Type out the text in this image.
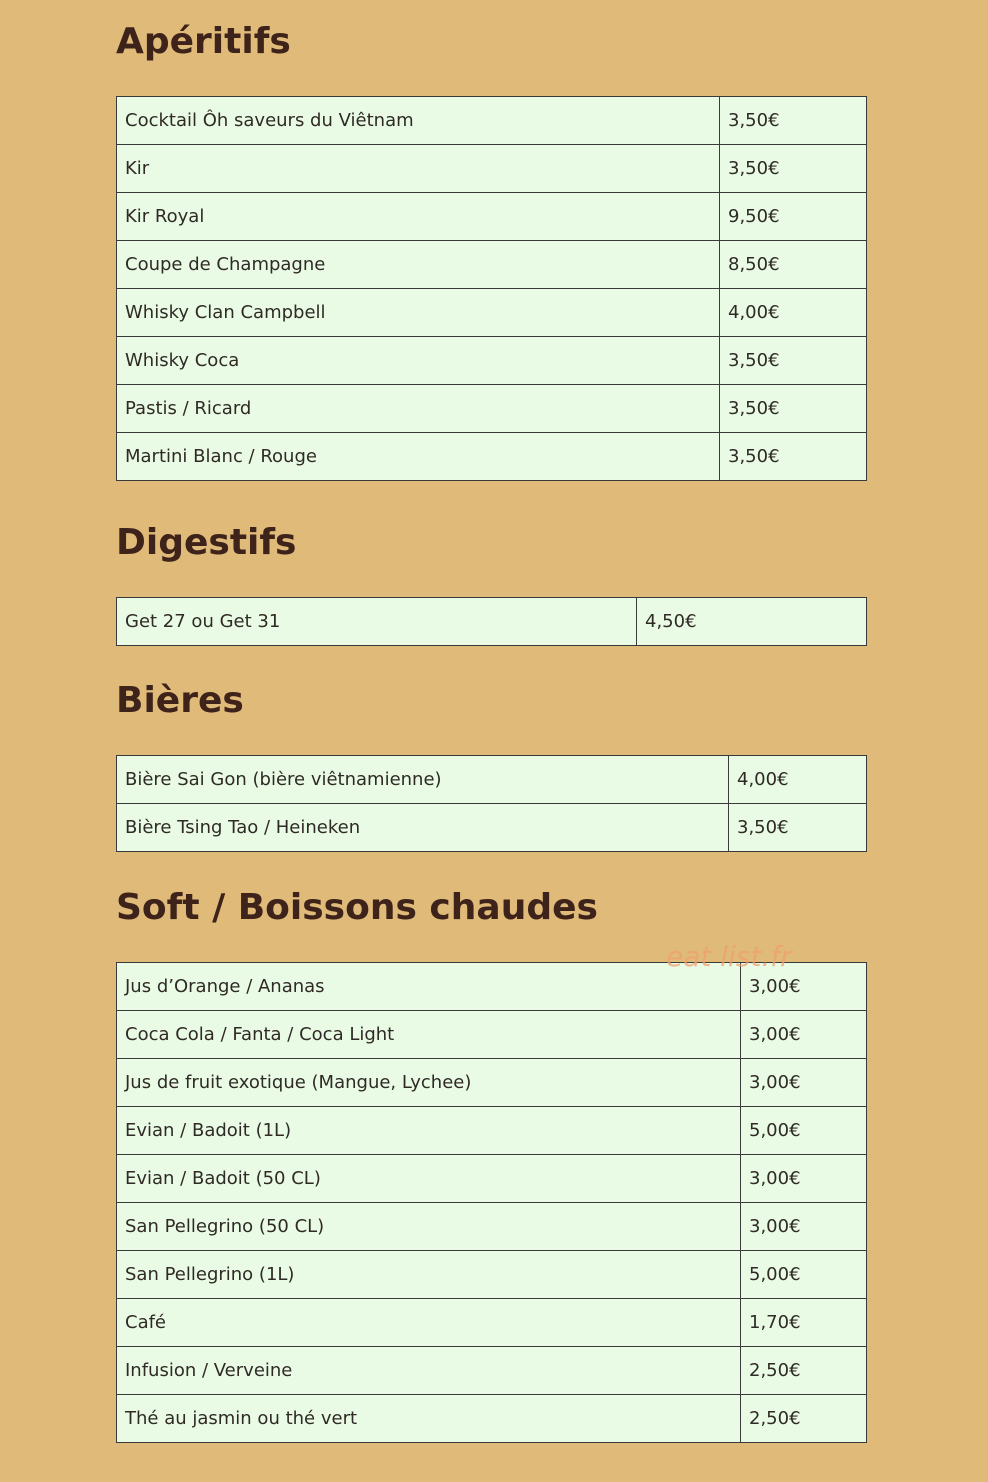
Apéritifs
Cocktail Ôh saveurs du Viêtnam	3,50€
Kir	3,50€
Kir Royal	9,50€
Coupe de Champagne	8,50€
Whisky Clan Campbell	4,00€
Whisky Coca	3,50€
Pastis / Ricard	3,50€
Martini Blanc / Rouge	3,50€
Digestifs
Get 27 ou Get 31	4,50€
Bières
Bière Sai Gon (bière viêtnamienne)	4,00€
Bière Tsing Tao / Heineken	3,50€
Soft / Boissons chaudes
Jus d’Orange / Ananas	3,00€
Coca Cola / Fanta / Coca Light	3,00€
Jus de fruit exotique (Mangue, Lychee)	3,00€
Evian / Badoit (1L)	5,00€
Evian / Badoit (50 CL)	3,00€
San Pellegrino (50 CL)	3,00€
San Pellegrino (1L)	5,00€
Café	1,70€
Infusion / Verveine	2,50€
Thé au jasmin ou thé vert	2,50€
eat list.fr
